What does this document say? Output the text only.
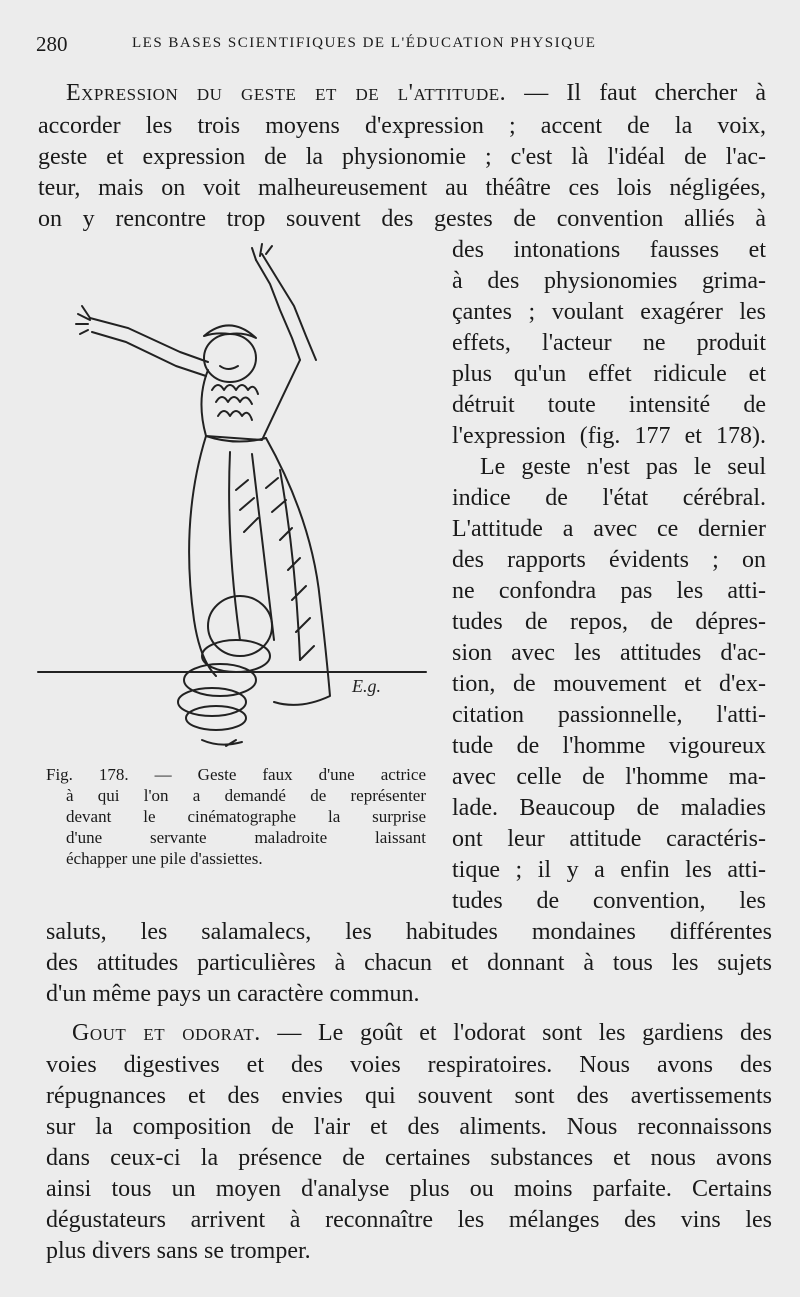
280	LES BASES SCIENTIFIQUES DE L'ÉDUCATION PHYSIQUE
Expression du geste et de l'attitude. — Il faut chercher à
accorder les trois moyens d'expression ; accent de la voix,
geste et expression de la physionomie ; c'est là l'idéal de l'ac-
teur, mais on voit malheureusement au théâtre ces lois négligées,
on y rencontre trop souvent des gestes de convention alliés à
des intonations fausses et
à des physionomies grima-
çantes ; voulant exagérer les
effets, l'acteur ne produit
plus qu'un effet ridicule et
détruit toute intensité de
l'expression (fig. 177 et 178).
Le geste n'est pas le seul
indice de l'état cérébral.
L'attitude a avec ce dernier
des rapports évidents ; on
ne confondra pas les atti-
tudes de repos, de dépres-
sion avec les attitudes d'ac-
tion, de mouvement et d'ex-
citation passionnelle, l'atti-
tude de l'homme vigoureux
avec celle de l'homme ma-
lade. Beaucoup de maladies
ont leur attitude caractéris-
tique ; il y a enfin les atti-
tudes de convention, les
saluts, les salamalecs, les habitudes mondaines différentes
des attitudes particulières à chacun et donnant à tous les sujets
d'un même pays un caractère commun.
E.g.
Fig. 178. — Geste faux d'une actrice
à qui l'on a demandé de représenter
devant le cinématographe la surprise
d'une servante maladroite laissant
échapper une pile d'assiettes.
Gout et odorat. — Le goût et l'odorat sont les gardiens des
voies digestives et des voies respiratoires. Nous avons des
répugnances et des envies qui souvent sont des avertissements
sur la composition de l'air et des aliments. Nous reconnaissons
dans ceux-ci la présence de certaines substances et nous avons
ainsi tous un moyen d'analyse plus ou moins parfaite. Certains
dégustateurs arrivent à reconnaître les mélanges des vins les
plus divers sans se tromper.
